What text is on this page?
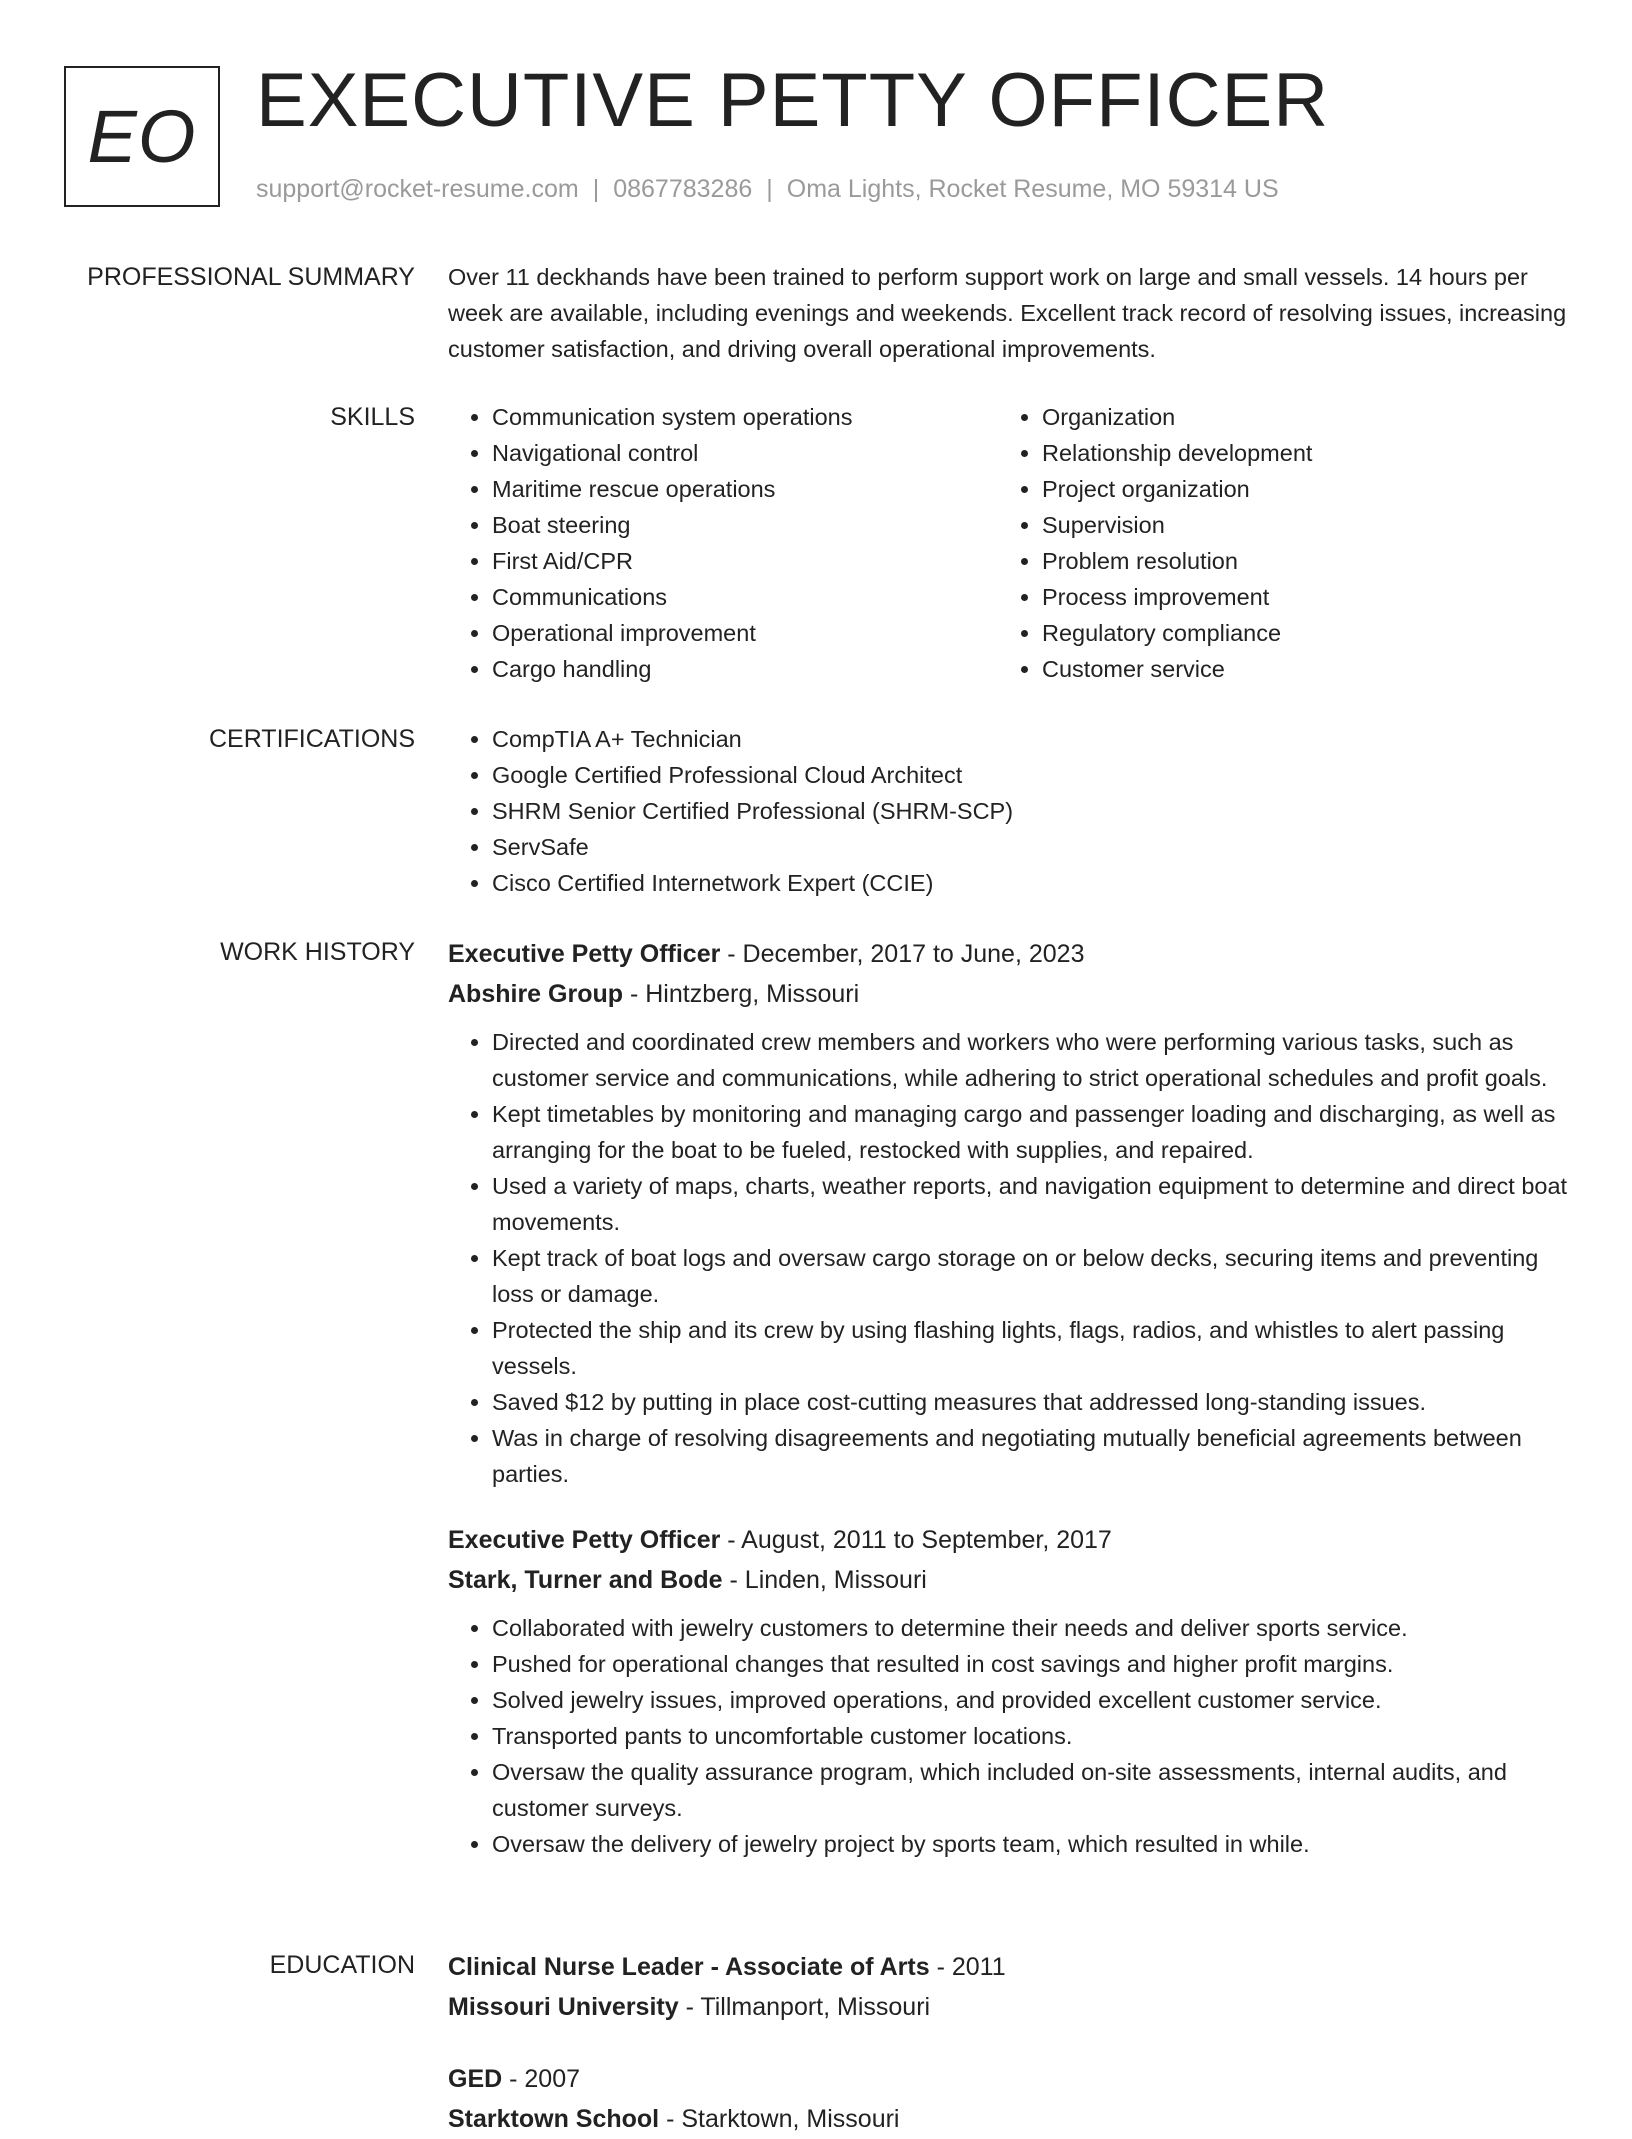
EO EXECUTIVE PETTY OFFICER
support@rocket-resume.com | 0867783286 | Oma Lights, Rocket Resume, MO 59314 US
PROFESSIONAL SUMMARY Over 11 deckhands have been trained to perform support work on large and small vessels. 14 hours per week are available, including evenings and weekends. Excellent track record of resolving issues, increasing customer satisfaction, and driving overall operational improvements.
SKILLS	• Communication system operations
• Navigational control
• Maritime rescue operations
• Boat steering
• First Aid/CPR
• Communications
• Operational improvement
• Cargo handling
• Organization
• Relationship development
• Project organization
• Supervision
• Problem resolution
• Process improvement
• Regulatory compliance
• Customer service
CERTIFICATIONS	• CompTIA A+ Technician
• Google Certified Professional Cloud Architect
• SHRM Senior Certified Professional (SHRM-SCP)
• ServSafe
• Cisco Certified Internetwork Expert (CCIE)
WORK HISTORY Executive Petty Officer - December, 2017 to June, 2023
Abshire Group - Hintzberg, Missouri
• Directed and coordinated crew members and workers who were performing various tasks, such as customer service and communications, while adhering to strict operational schedules and profit goals.
• Kept timetables by monitoring and managing cargo and passenger loading and discharging, as well as arranging for the boat to be fueled, restocked with supplies, and repaired.
• Used a variety of maps, charts, weather reports, and navigation equipment to determine and direct boat movements.
• Kept track of boat logs and oversaw cargo storage on or below decks, securing items and preventing loss or damage.
• Protected the ship and its crew by using flashing lights, flags, radios, and whistles to alert passing vessels.
• Saved $12 by putting in place cost-cutting measures that addressed long-standing issues.
• Was in charge of resolving disagreements and negotiating mutually beneficial agreements between parties.
Executive Petty Officer - August, 2011 to September, 2017
Stark, Turner and Bode - Linden, Missouri
• Collaborated with jewelry customers to determine their needs and deliver sports service.
• Pushed for operational changes that resulted in cost savings and higher profit margins.
• Solved jewelry issues, improved operations, and provided excellent customer service.
• Transported pants to uncomfortable customer locations.
• Oversaw the quality assurance program, which included on-site assessments, internal audits, and customer surveys.
• Oversaw the delivery of jewelry project by sports team, which resulted in while.
EDUCATION Clinical Nurse Leader - Associate of Arts - 2011
Missouri University - Tillmanport, Missouri
GED - 2007
Starktown School - Starktown, Missouri
